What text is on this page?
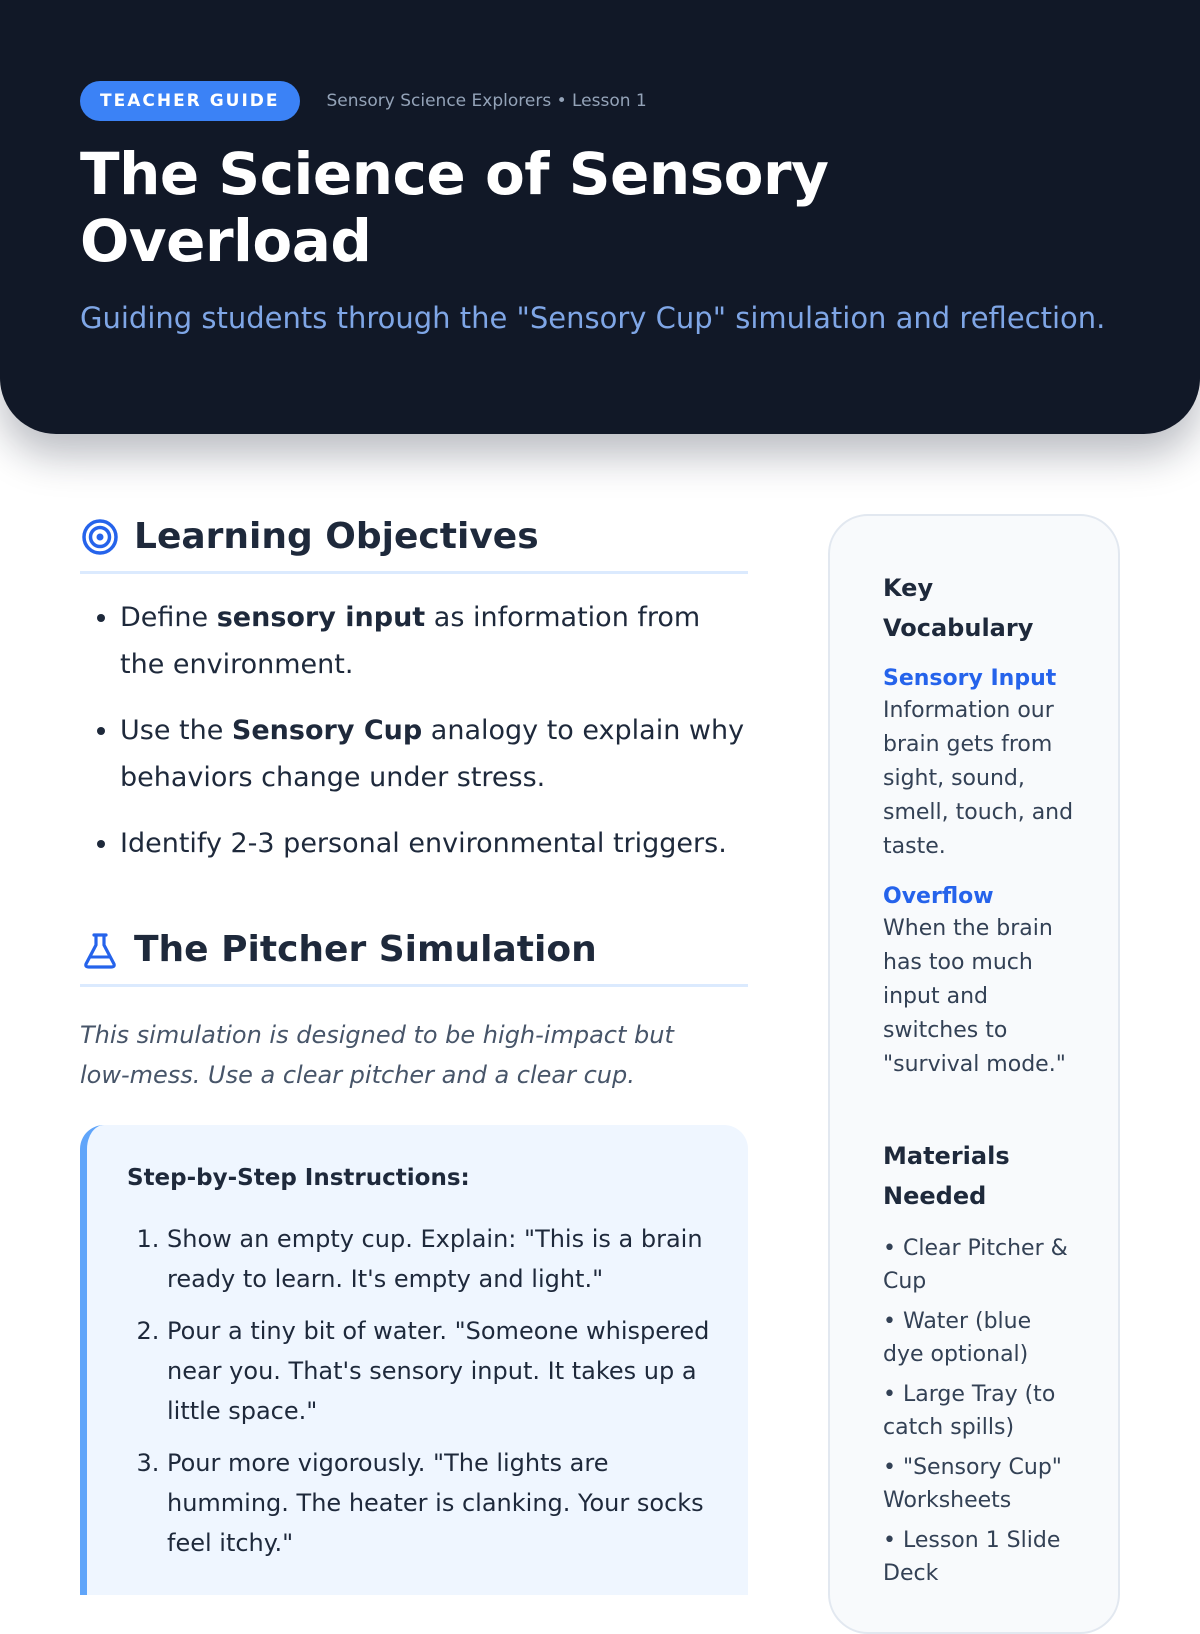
TEACHER GUIDE	Sensory Science Explorers • Lesson 1
The Science of Sensory Overload
Guiding students through the "Sensory Cup" simulation and reflection.
Learning Objectives
• Define sensory input as information from the environment.
• Use the Sensory Cup analogy to explain why behaviors change under stress.
• Identify 2-3 personal environmental triggers.
The Pitcher Simulation

This simulation is designed to be high-impact but low-mess. Use a clear pitcher and a clear cup.

Step-by-Step Instructions:
1. Show an empty cup. Explain: "This is a brain ready to learn. It's empty and light."
2. Pour a tiny bit of water. "Someone whispered near you. That's sensory input. It takes up a little space."
3. Pour more vigorously. "The lights are humming. The heater is clanking. Your socks feel itchy."
Key Vocabulary
Sensory Input
Information our brain gets from sight, sound, smell, touch, and taste.
Overflow
When the brain has too much input and switches to "survival mode."
Materials Needed
• Clear Pitcher & Cup
• Water (blue dye optional)
• Large Tray (to catch spills)
• "Sensory Cup" Worksheets
• Lesson 1 Slide Deck
